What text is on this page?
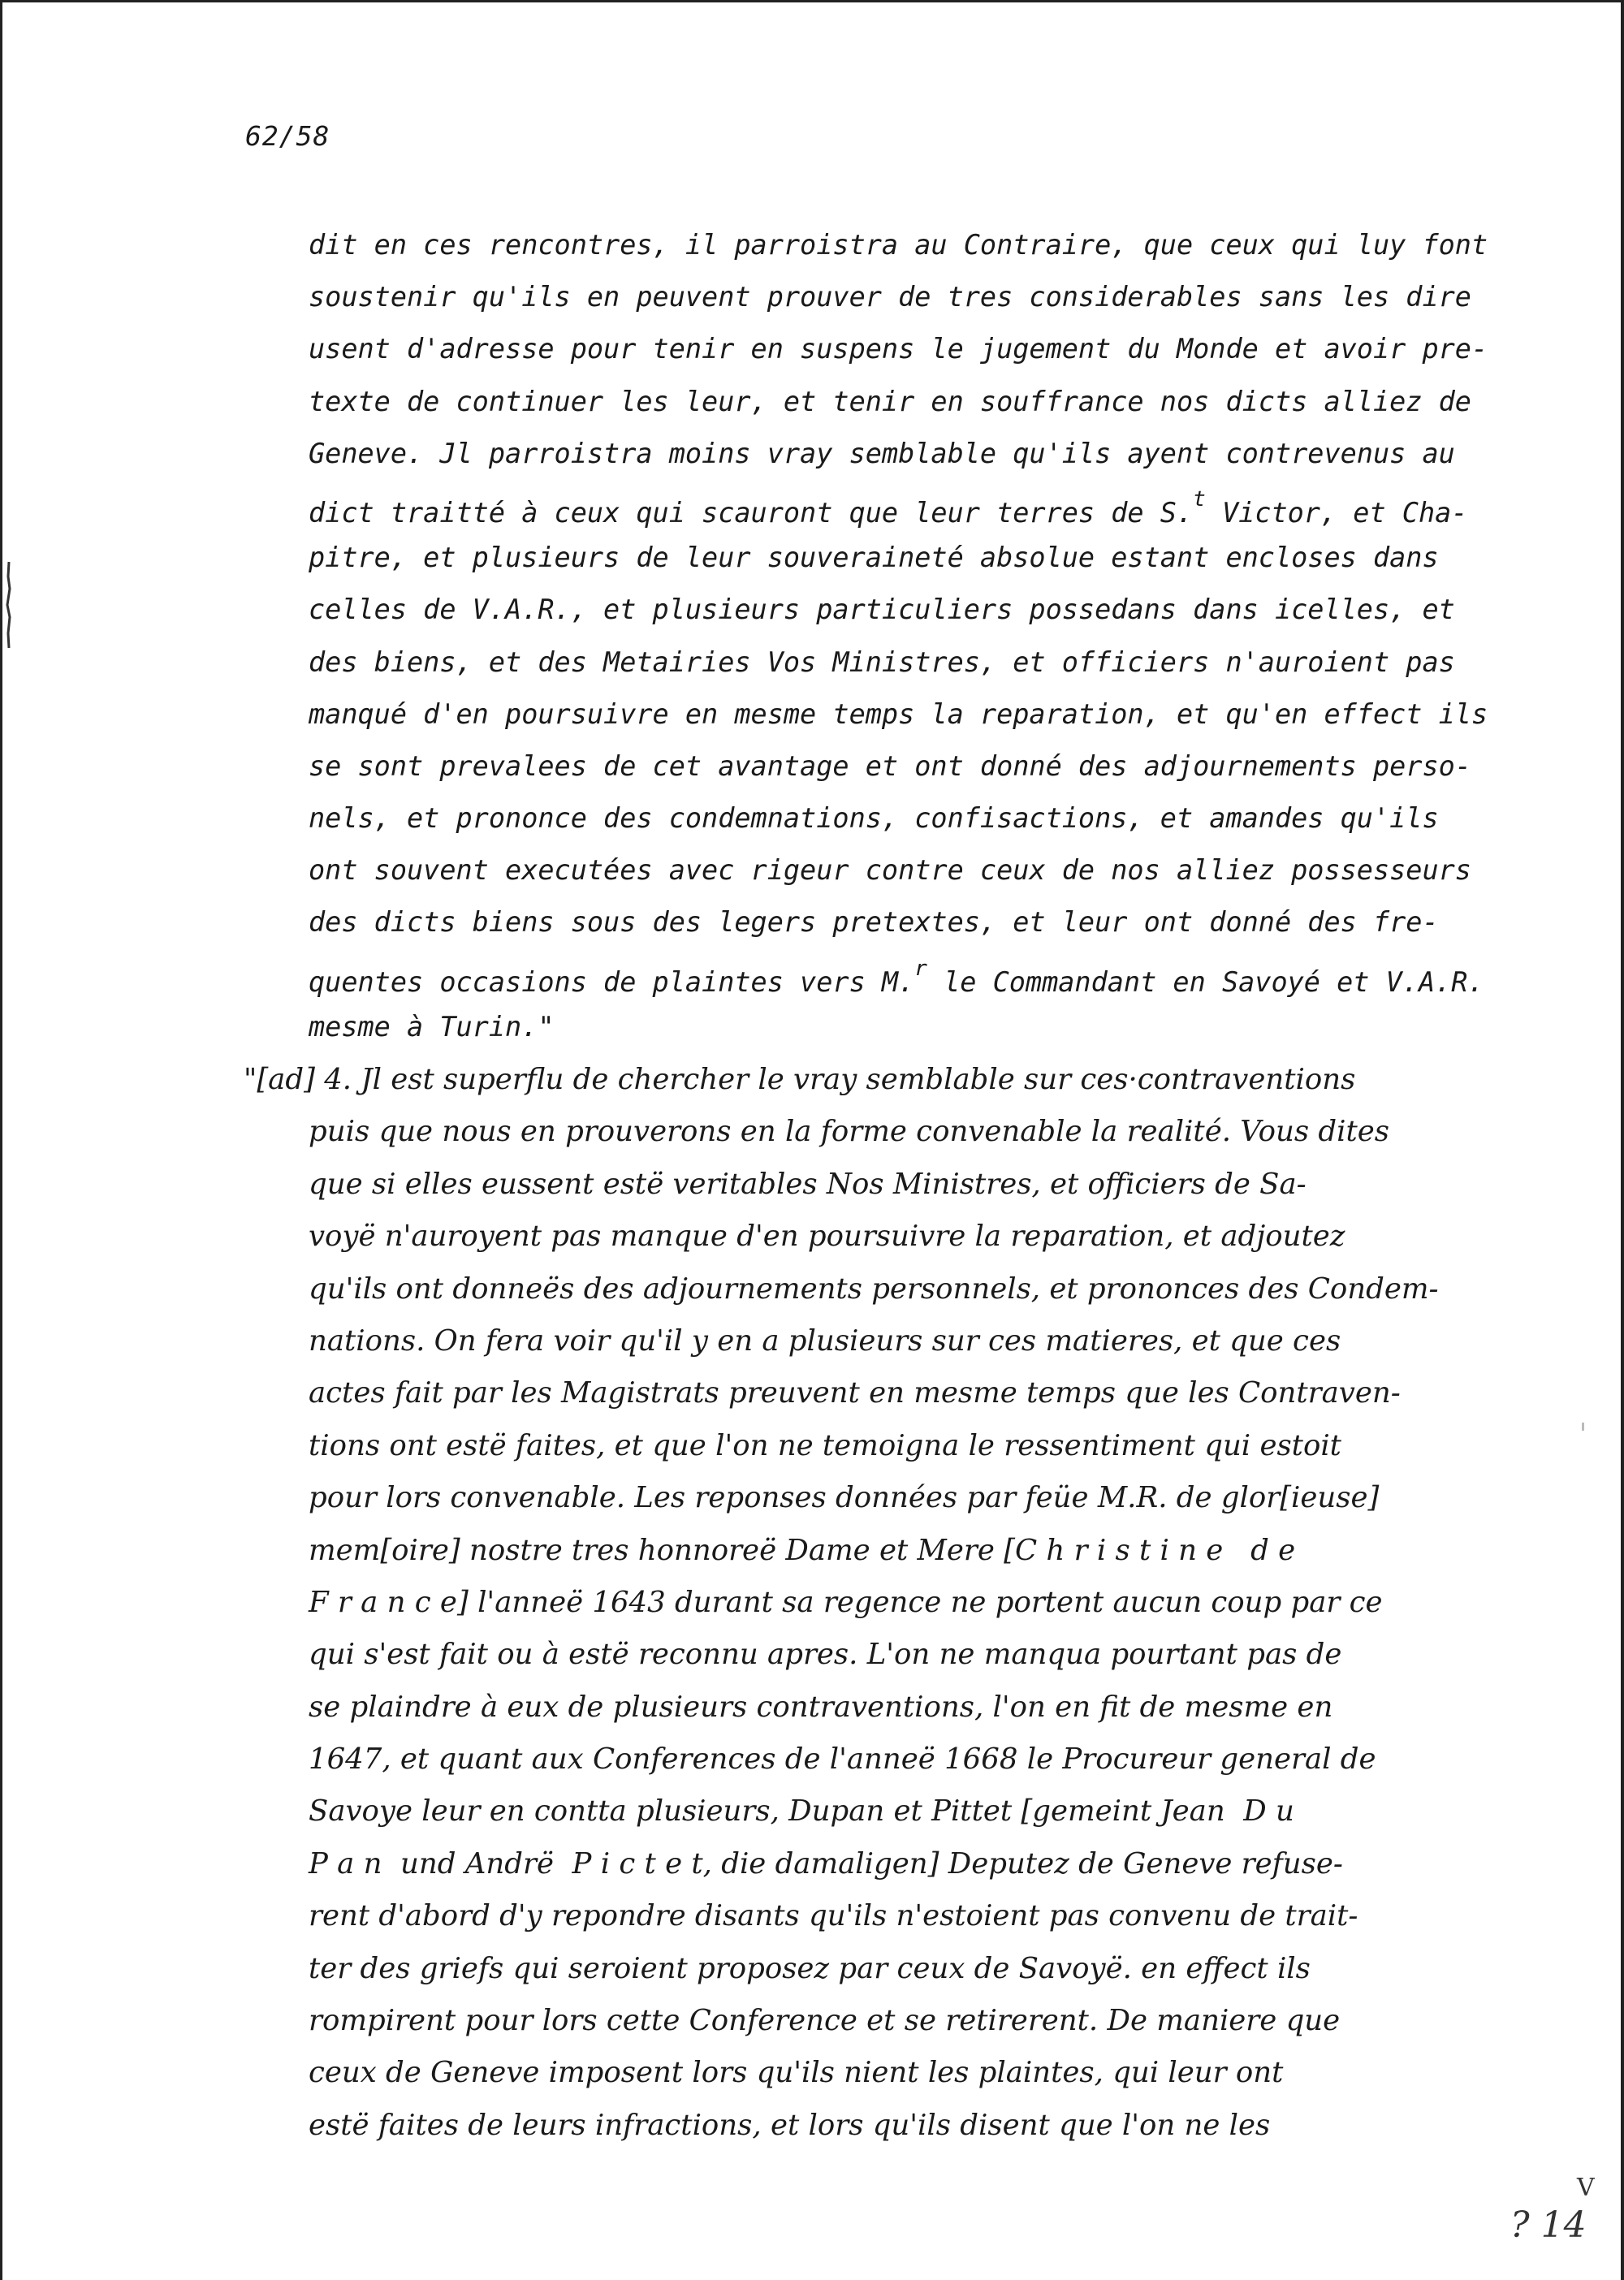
62/58
dit en ces rencontres, il parroistra au Contraire, que ceux qui luy font
soustenir qu'ils en peuvent prouver de tres considerables sans les dire
usent d'adresse pour tenir en suspens le jugement du Monde et avoir pre-
texte de continuer les leur, et tenir en souffrance nos dicts alliez de
Geneve. Jl parroistra moins vray semblable qu'ils ayent contrevenus au
dict traitté à ceux qui scauront que leur terres de S.$^t$ Victor, et Cha-
pitre, et plusieurs de leur souveraineté absolue estant encloses dans
celles de V.A.R., et plusieurs particuliers possedans dans icelles, et
des biens, et des Metairies Vos Ministres, et officiers n'auroient pas
manqué d'en poursuivre en mesme temps la reparation, et qu'en effect ils
se sont prevalees de cet avantage et ont donné des adjournements perso-
nels, et prononce des condemnations, confisactions, et amandes qu'ils
ont souvent executées avec rigeur contre ceux de nos alliez possesseurs
des dicts biens sous des legers pretextes, et leur ont donné des fre-
quentes occasions de plaintes vers M.$^r$ le Commandant en Savoyé et V.A.R.
mesme à Turin."
"[ad] 4. Jl est superflu de chercher le vray semblable sur ces·contraventions
puis que nous en prouverons en la forme convenable la realité. Vous dites
que si elles eussent estë veritables Nos Ministres, et officiers de Sa-
voyë n'auroyent pas manque d'en poursuivre la reparation, et adjoutez
qu'ils ont donneës des adjournements personnels, et prononces des Condem-
nations. On fera voir qu'il y en a plusieurs sur ces matieres, et que ces
actes fait par les Magistrats preuvent en mesme temps que les Contraven-
tions ont estë faites, et que l'on ne temoigna le ressentiment qui estoit
pour lors convenable. Les reponses données par feüe M.R. de glor[ieuse]
mem[oire] nostre tres honnoreë Dame et Mere [C h r i s t i n e   d e
F r a n c e] l'anneë 1643 durant sa regence ne portent aucun coup par ce
qui s'est fait ou à estë reconnu apres. L'on ne manqua pourtant pas de
se plaindre à eux de plusieurs contraventions, l'on en fit de mesme en
1647, et quant aux Conferences de l'anneë 1668 le Procureur general de
Savoye leur en contta plusieurs, Dupan et Pittet [gemeint Jean  D u
P a n  und Andrë  P i c t e t, die damaligen] Deputez de Geneve refuse-
rent d'abord d'y repondre disants qu'ils n'estoient pas convenu de trait-
ter des griefs qui seroient proposez par ceux de Savoyë. en effect ils
rompirent pour lors cette Conference et se retirerent. De maniere que
ceux de Geneve imposent lors qu'ils nient les plaintes, qui leur ont
estë faites de leurs infractions, et lors qu'ils disent que l'on ne les
? 14
V
